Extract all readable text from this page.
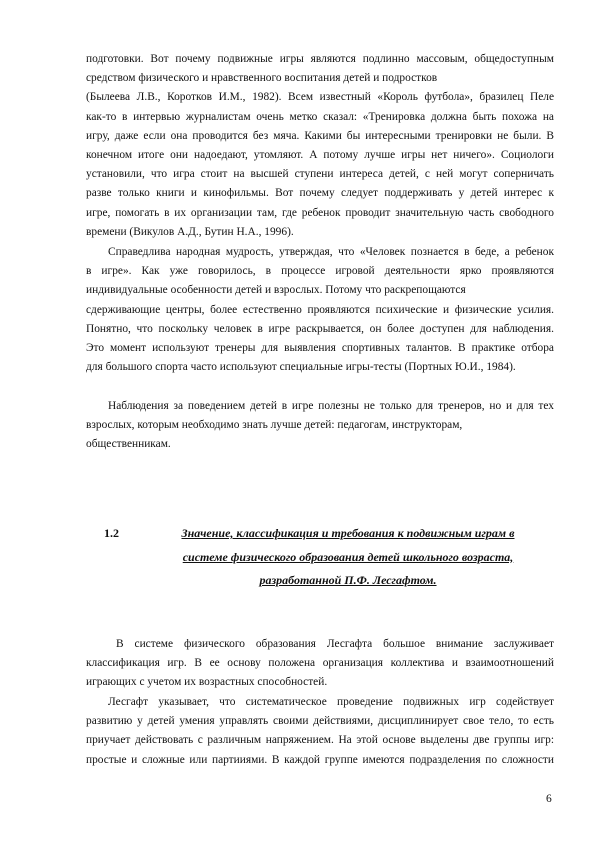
подготовки. Вот почему подвижные игры являются подлинно массовым, общедоступным
средством физического и нравственного воспитания детей и подростков
(Былеева Л.В., Коротков И.М., 1982). Всем известный «Король футбола», бразилец Пеле
как-то в интервью журналистам очень метко сказал: «Тренировка должна быть похожа на
игру, даже если она проводится без мяча. Какими бы интересными тренировки не были. В
конечном итоге они надоедают, утомляют. А потому лучше игры нет ничего». Социологи
установили, что игра стоит на высшей ступени интереса детей, с ней могут соперничать
разве только книги и кинофильмы. Вот почему следует поддерживать у детей интерес к
игре, помогать в их организации там, где ребенок проводит значительную часть свободного
времени (Викулов А.Д., Бутин Н.А., 1996).
Справедлива народная мудрость, утверждая, что «Человек познается в беде, а ребенок
в игре». Как уже говорилось, в процессе игровой деятельности ярко проявляются
индивидуальные особенности детей и взрослых. Потому что раскрепощаются
сдерживающие центры, более естественно проявляются психические и физические усилия.
Понятно, что поскольку человек в игре раскрывается, он более доступен для наблюдения.
Это момент используют тренеры для выявления спортивных талантов. В практике отбора
для большого спорта часто используют специальные игры-тесты (Портных Ю.И., 1984).
Наблюдения за поведением детей в игре полезны не только для тренеров, но и для тех
взрослых, которым необходимо знать лучше детей: педагогам, инструкторам,
общественникам.
1.2	Значение, классификация и требования к подвижным играм в
системе физического образования детей школьного возраста,
разработанной П.Ф. Лесгафтом.
В системе физического образования Лесгафта большое внимание заслуживает
классификация игр. В ее основу положена организация коллектива и взаимоотношений
играющих с учетом их возрастных способностей.
Лесгафт указывает, что систематическое проведение подвижных игр содействует
развитию у детей умения управлять своими действиями, дисциплинирует свое тело, то есть
приучает действовать с различным напряжением. На этой основе выделены две группы игр:
простые и сложные или партииями. В каждой группе имеются подразделения по сложности
6
